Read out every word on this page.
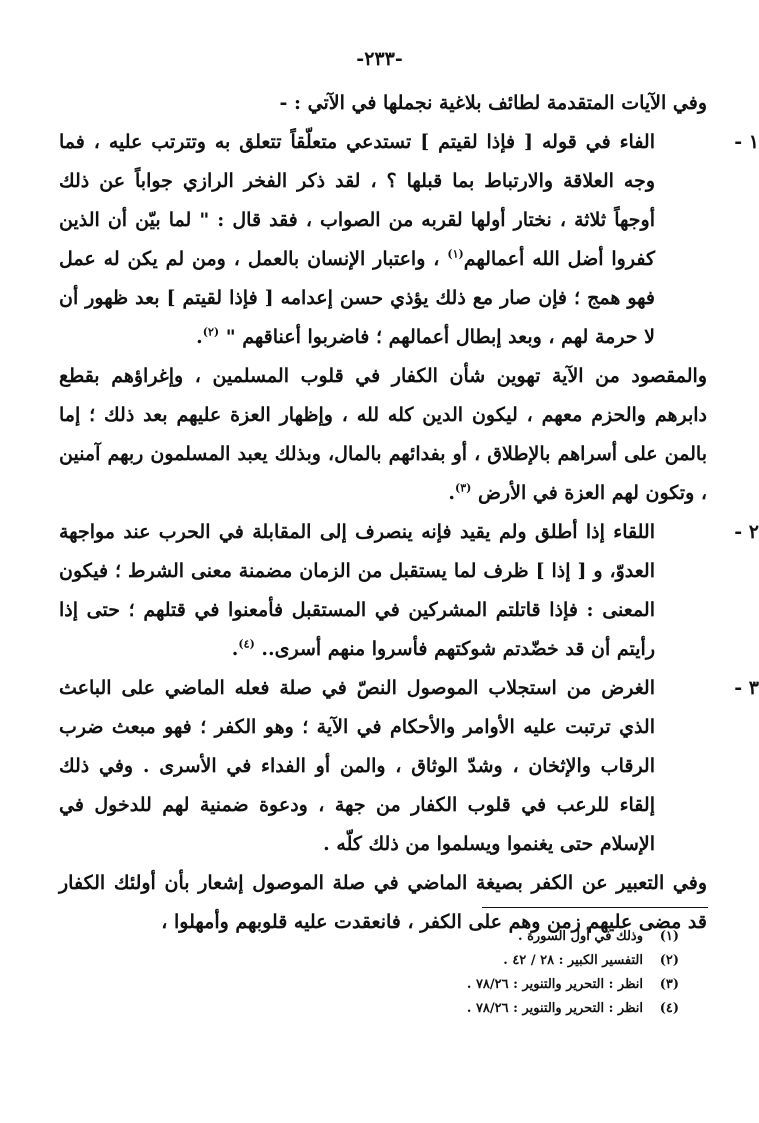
-٢٣٣-

وفي الآيات المتقدمة لطائف بلاغية نجملها في الآتي : -

١ -
الفاء في قوله [ فإذا لقيتم ] تستدعي متعلّقاً تتعلق به وتترتب عليه ، فما وجه العلاقة والارتباط بما قبلها ؟ ، لقد ذكر الفخر الرازي جواباً عن ذلك أوجهاً ثلاثة ، نختار أولها لقربه من الصواب ، فقد قال : " لما بيّن أن الذين كفروا أضل الله أعمالهم$^{(١)}$ ، واعتبار الإنسان بالعمل ، ومن لم يكن له عمل فهو همج ؛ فإن صار مع ذلك يؤذي حسن إعدامه [ فإذا لقيتم ] بعد ظهور أن لا حرمة لهم ، وبعد إبطال أعمالهم ؛ فاضربوا أعناقهم " $^{(٢)}$.

والمقصود من الآية تهوين شأن الكفار في قلوب المسلمين ، وإغراؤهم بقطع دابرهم والحزم معهم ، ليكون الدين كله لله ، وإظهار العزة عليهم بعد ذلك ؛ إما بالمن على أسراهم بالإطلاق ، أو بفدائهم بالمال، وبذلك يعبد المسلمون ربهم آمنين ، وتكون لهم العزة في الأرض $^{(٣)}$.

٢ -
اللقاء إذا أطلق ولم يقيد فإنه ينصرف إلى المقابلة في الحرب عند مواجهة العدوّ، و [ إذا ] ظرف لما يستقبل من الزمان مضمنة معنى الشرط ؛ فيكون المعنى : فإذا قاتلتم المشركين في المستقبل فأمعنوا في قتلهم ؛ حتى إذا رأيتم أن قد خضّدتم شوكتهم فأسروا منهم أسرى.. $^{(٤)}$.
٣ -
الغرض من استجلاب الموصول النصّ في صلة فعله الماضي على الباعث الذي ترتبت عليه الأوامر والأحكام في الآية ؛ وهو الكفر ؛ فهو مبعث ضرب الرقاب والإثخان ، وشدّ الوثاق ، والمن أو الفداء في الأسرى . وفي ذلك إلقاء للرعب في قلوب الكفار من جهة ، ودعوة ضمنية لهم للدخول في الإسلام حتى يغنموا ويسلموا من ذلك كلّه .

وفي التعبير عن الكفر بصيغة الماضي في صلة الموصول إشعار بأن أولئك الكفار قد مضى عليهم زمن وهم على الكفر ، فانعقدت عليه قلوبهم وأمهلوا ،

(١)
وذلك في أول السورة .
(٢)
التفسير الكبير : ٢٨ / ٤٢ .
(٣)
انظر : التحرير والتنوير : ٧٨/٢٦ .
(٤)
انظر : التحرير والتنوير : ٧٨/٢٦ .
